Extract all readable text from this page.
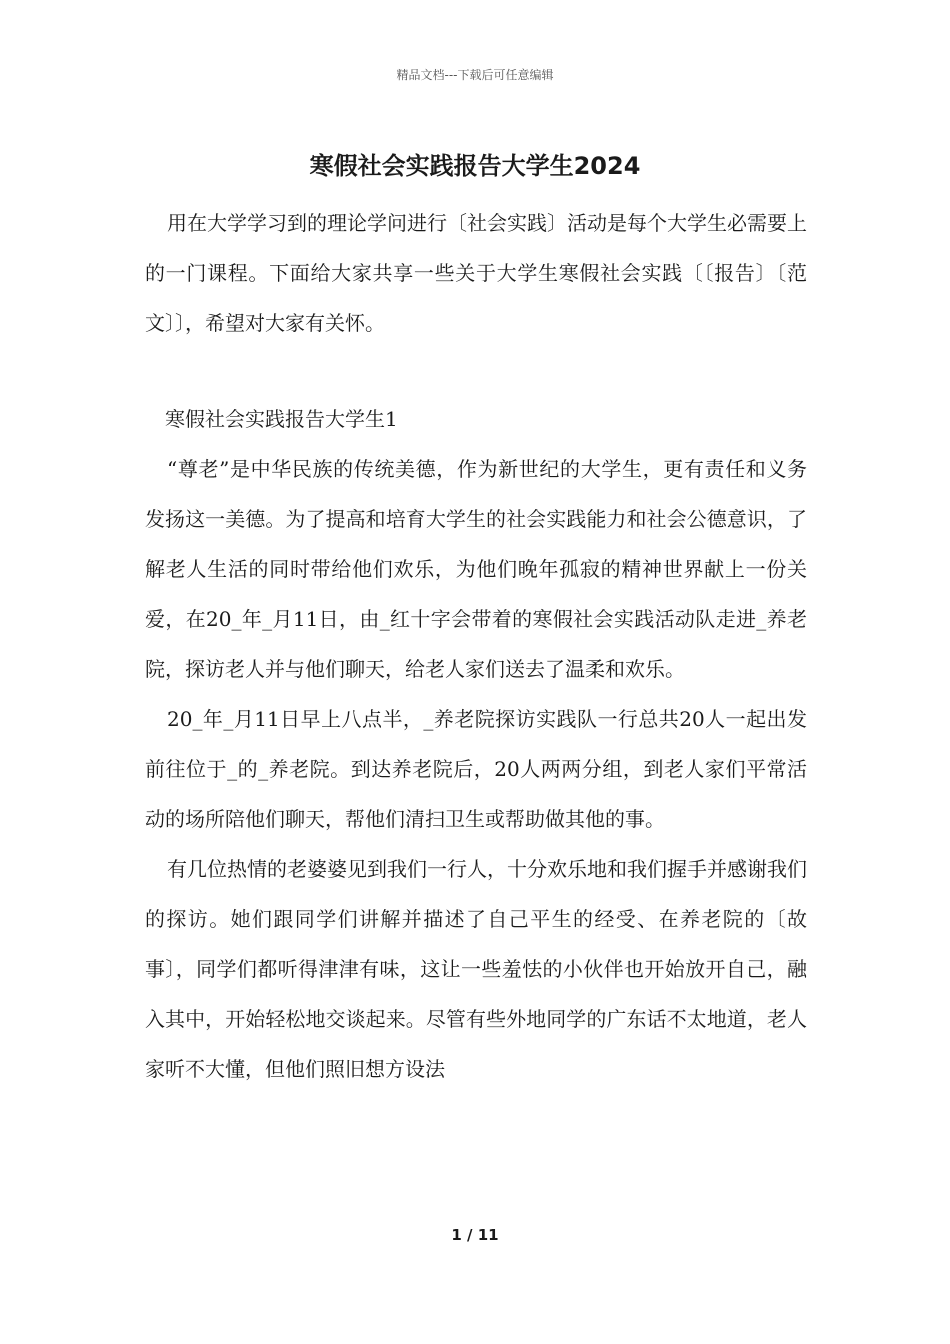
精品文档---下载后可任意编辑
寒假社会实践报告大学生2024

用在大学学习到的理论学问进行〔社会实践〕活动是每个大学生必需要上的一门课程。下面给大家共享一些关于大学生寒假社会实践〔〔报告〕〔范文〕〕，希望对大家有关怀。

寒假社会实践报告大学生1

“尊老”是中华民族的传统美德，作为新世纪的大学生，更有责任和义务发扬这一美德。为了提高和培育大学生的社会实践能力和社会公德意识，了解老人生活的同时带给他们欢乐，为他们晚年孤寂的精神世界献上一份关爱，在20_年_月11日，由_红十字会带着的寒假社会实践活动队走进_养老院，探访老人并与他们聊天，给老人家们送去了温柔和欢乐。

20_年_月11日早上八点半，_养老院探访实践队一行总共20人一起出发前往位于_的_养老院。到达养老院后，20人两两分组，到老人家们平常活动的场所陪他们聊天，帮他们清扫卫生或帮助做其他的事。

有几位热情的老婆婆见到我们一行人，十分欢乐地和我们握手并感谢我们的探访。她们跟同学们讲解并描述了自己平生的经受、在养老院的〔故事〕，同学们都听得津津有味，这让一些羞怯的小伙伴也开始放开自己，融入其中，开始轻松地交谈起来。尽管有些外地同学的广东话不太地道，老人家听不大懂，但他们照旧想方设法

1 / 11
